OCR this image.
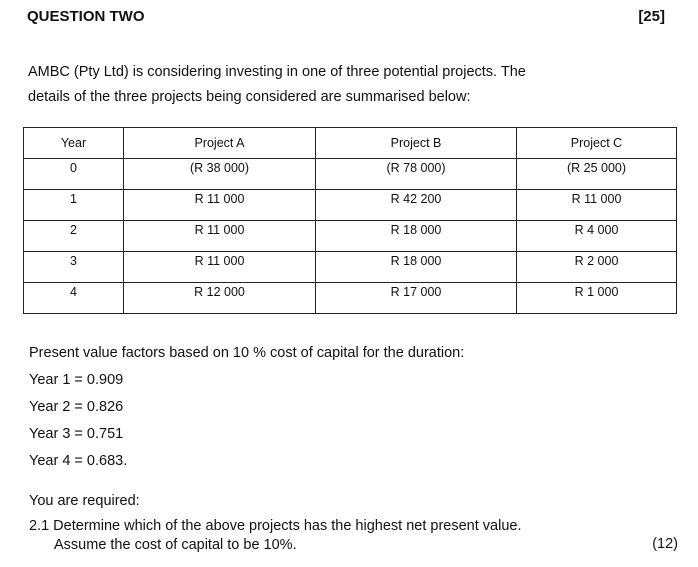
QUESTION TWO	[25]
AMBC (Pty Ltd) is considering investing in one of three potential projects. The
details of the three projects being considered are summarised below:
Year	Project A	Project B	Project C
0	(R 38 000)	(R 78 000)	(R 25 000)
1	R 11 000	R 42 200	R 11 000
2	R 11 000	R 18 000	R 4 000
3	R 11 000	R 18 000	R 2 000
4	R 12 000	R 17 000	R 1 000
Present value factors based on 10 % cost of capital for the duration:
Year 1 = 0.909
Year 2 = 0.826
Year 3 = 0.751
Year 4 = 0.683.
You are required:
2.1 Determine which of the above projects has the highest net present value.
Assume the cost of capital to be 10%.	(12)
